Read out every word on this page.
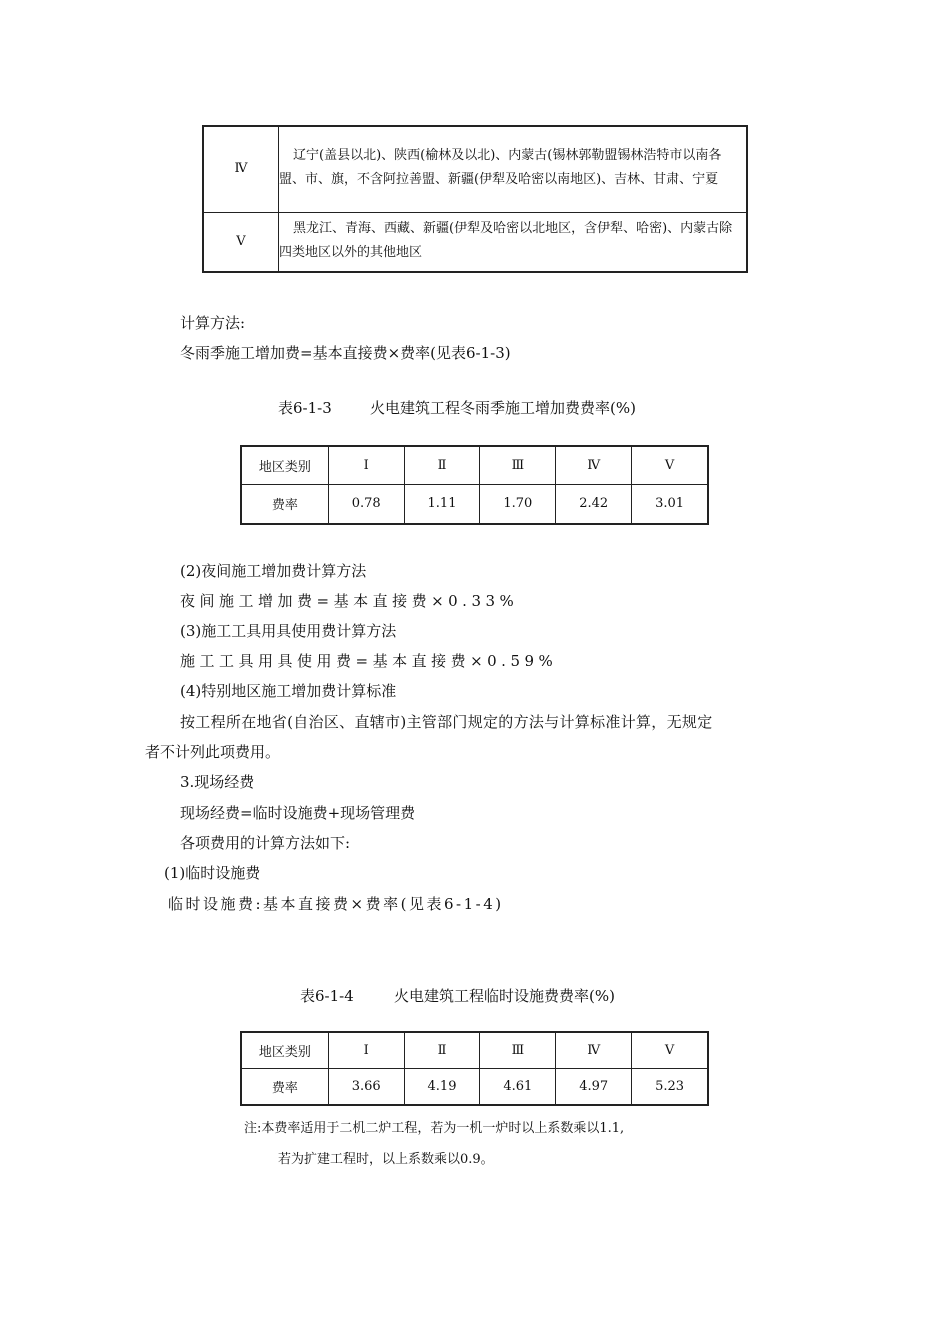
Ⅳ	辽宁(盖县以北)、陕西(榆林及以北)、内蒙古(锡林郭勒盟锡林浩特市以南各盟、市、旗，不含阿拉善盟、新疆(伊犁及哈密以南地区)、吉林、甘肃、宁夏

Ⅴ	黑龙江、青海、西藏、新疆(伊犁及哈密以北地区，含伊犁、哈密)、内蒙古除四类地区以外的其他地区
计算方法:
冬雨季施工增加费=基本直接费×费率(见表6-1-3)
表6-1-3	火电建筑工程冬雨季施工增加费费率(%)
地区类别	Ⅰ	Ⅱ	Ⅲ	Ⅳ	Ⅴ
费率	0.78	1.11	1.70	2.42	3.01
(2)夜间施工增加费计算方法
夜间施工增加费=基本直接费×0.33%
(3)施工工具用具使用费计算方法
施工工具用具使用费=基本直接费×0.59%
(4)特别地区施工增加费计算标准
按工程所在地省(自治区、直辖市)主管部门规定的方法与计算标准计算，无规定
者不计列此项费用。
3.现场经费
现场经费=临时设施费+现场管理费
各项费用的计算方法如下:
(1)临时设施费
临时设施费:基本直接费×费率(见表6-1-4)
表6-1-4	火电建筑工程临时设施费费率(%)
地区类别	Ⅰ	Ⅱ	Ⅲ	Ⅳ	Ⅴ
费率	3.66	4.19	4.61	4.97	5.23
注:本费率适用于二机二炉工程，若为一机一炉时以上系数乘以1.1,
若为扩建工程时，以上系数乘以0.9。
